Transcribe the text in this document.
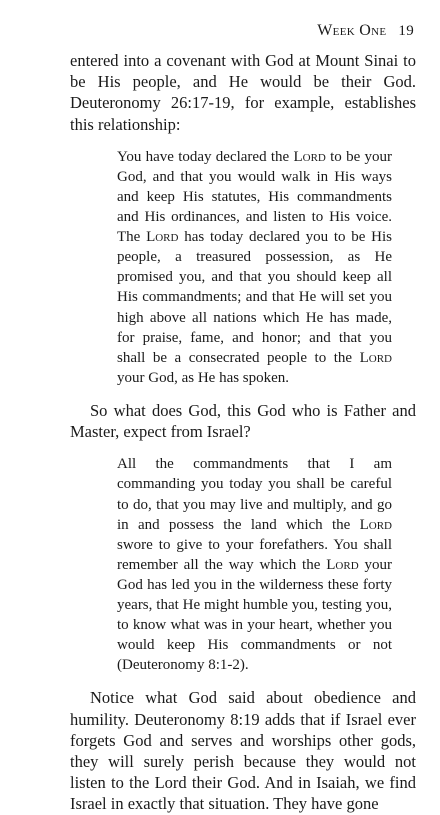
Week One 19

entered into a covenant with God at Mount Sinai to be His people, and He would be their God. Deuteronomy 26:17-19, for example, establishes this relationship:

You have today declared the Lord to be your God, and that you would walk in His ways and keep His statutes, His commandments and His ordinances, and listen to His voice. The Lord has today declared you to be His people, a treasured possession, as He promised you, and that you should keep all His commandments; and that He will set you high above all nations which He has made, for praise, fame, and honor; and that you shall be a consecrated people to the Lord your God, as He has spoken.

So what does God, this God who is Father and Master, expect from Israel?

All the commandments that I am commanding you today you shall be careful to do, that you may live and multiply, and go in and possess the land which the Lord swore to give to your forefathers. You shall remember all the way which the Lord your God has led you in the wilderness these forty years, that He might humble you, testing you, to know what was in your heart, whether you would keep His commandments or not (Deuteronomy 8:1-2).

Notice what God said about obedience and humility. Deuteronomy 8:19 adds that if Israel ever forgets God and serves and worships other gods, they will surely perish because they would not listen to the Lord their God. And in Isaiah, we find Israel in exactly that situation. They have gone
